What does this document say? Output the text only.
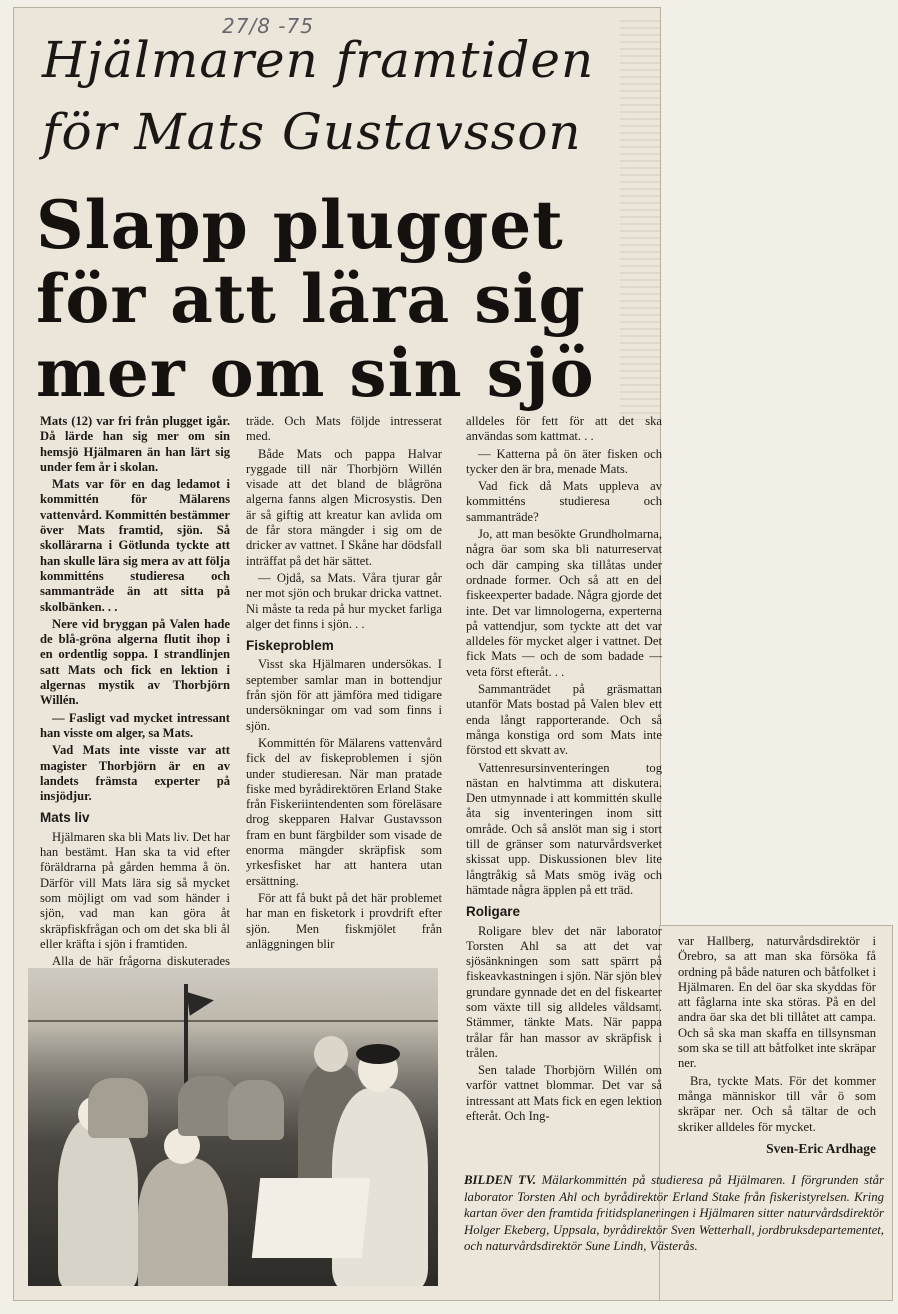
27/8 -75
Hjälmaren framtiden
för Mats Gustavsson
Slapp plugget
för att lära sig
mer om sin sjö

Mats (12) var fri från plugget igår. Då lärde han sig mer om sin hemsjö Hjälmaren än han lärt sig under fem år i skolan.

Mats var för en dag ledamot i kommittén för Mälarens vattenvård. Kommittén bestämmer över Mats framtid, sjön. Så skollärarna i Götlunda tyckte att han skulle lära sig mera av att följa kommitténs studieresa och sammanträde än att sitta på skolbänken. . .

Nere vid bryggan på Valen hade de blå-gröna algerna flutit ihop i en ordentlig soppa. I strandlinjen satt Mats och fick en lektion i algernas mystik av Thorbjörn Willén.

— Fasligt vad mycket intressant han visste om alger, sa Mats.

Vad Mats inte visste var att magister Thorbjörn är en av landets främsta experter på insjödjur.

Mats liv

Hjälmaren ska bli Mats liv. Det har han bestämt. Han ska ta vid efter föräldrarna på gården hemma å ön. Därför vill Mats lära sig så mycket som möjligt om vad som händer i sjön, vad man kan göra åt skräpfiskfrågan och om det ska bli ål eller kräfta i sjön i framtiden.

Alla de här frågorna diskuterades

träde. Och Mats följde intresserat med.

Både Mats och pappa Halvar ryggade till när Thorbjörn Willén visade att det bland de blågröna algerna fanns algen Microsystis. Den är så giftig att kreatur kan avlida om de får stora mängder i sig om de dricker av vattnet. I Skåne har dödsfall inträffat på det här sättet.

— Ojdå, sa Mats. Våra tjurar går ner mot sjön och brukar dricka vattnet. Ni måste ta reda på hur mycket farliga alger det finns i sjön. . .

Fiskeproblem

Visst ska Hjälmaren undersökas. I september samlar man in bottendjur från sjön för att jämföra med tidigare undersökningar om vad som finns i sjön.

Kommittén för Mälarens vattenvård fick del av fiskeproblemen i sjön under studieresan. När man pratade fiske med byrådirektören Erland Stake från Fiskeriintendenten som föreläsare drog skepparen Halvar Gustavsson fram en bunt färgbilder som visade de enorma mängder skräpfisk som yrkesfisket har att hantera utan ersättning.

För att få bukt på det här problemet har man en fisketork i provdrift efter sjön. Men fiskmjölet från anläggningen blir

alldeles för fett för att det ska användas som kattmat. . .

— Katterna på ön äter fisken och tycker den är bra, menade Mats.

Vad fick då Mats uppleva av kommitténs studieresa och sammanträde?

Jo, att man besökte Grundholmarna, några öar som ska bli naturreservat och där camping ska tillåtas under ordnade former. Och så att en del fiskeexperter badade. Några gjorde det inte. Det var limnologerna, experterna på vattendjur, som tyckte att det var alldeles för mycket alger i vattnet. Det fick Mats — och de som badade — veta först efteråt. . .

Sammanträdet på gräsmattan utanför Mats bostad på Valen blev ett enda långt rapporterande. Och så många konstiga ord som Mats inte förstod ett skvatt av.

Vattenresursinventeringen tog nästan en halvtimma att diskutera. Den utmynnade i att kommittén skulle åta sig inventeringen inom sitt område. Och så anslöt man sig i stort till de gränser som naturvårdsverket skissat upp. Diskussionen blev lite långtråkig så Mats smög iväg och hämtade några äpplen på ett träd.

Roligare

Roligare blev det när laborator Torsten Ahl sa att det var sjösänkningen som satt spärrt på fiskeavkastningen i sjön. När sjön blev grundare gynnade det en del fiskearter som växte till sig alldeles våldsamt. Stämmer, tänkte Mats. När pappa trålar får han massor av skräpfisk i trålen.

Sen talade Thorbjörn Willén om varför vattnet blommar. Det var så intressant att Mats fick en egen lektion efteråt. Och Ing-

var Hallberg, naturvårdsdirektör i Örebro, sa att man ska försöka få ordning på både naturen och båtfolket i Hjälmaren. En del öar ska skyddas för att fåglarna inte ska störas. På en del andra öar ska det bli tillåtet att campa. Och så ska man skaffa en tillsynsman som ska se till att båtfolket inte skräpar ner.

Bra, tyckte Mats. För det kommer många människor till vår ö som skräpar ner. Och så tältar de och skriker alldeles för mycket.

Sven-Eric Ardhage
BILDEN TV. Mälarkommittén på studieresa på Hjälmaren. I förgrunden står laborator Torsten Ahl och byrådirektör Erland Stake från fiskeristyrelsen. Kring kartan över den framtida fritidsplaneringen i Hjälmaren sitter naturvårdsdirektör Holger Ekeberg, Uppsala, byrådirektör Sven Wetterhall, jordbruksdepartementet, och naturvårdsdirektör Sune Lindh, Västerås.
